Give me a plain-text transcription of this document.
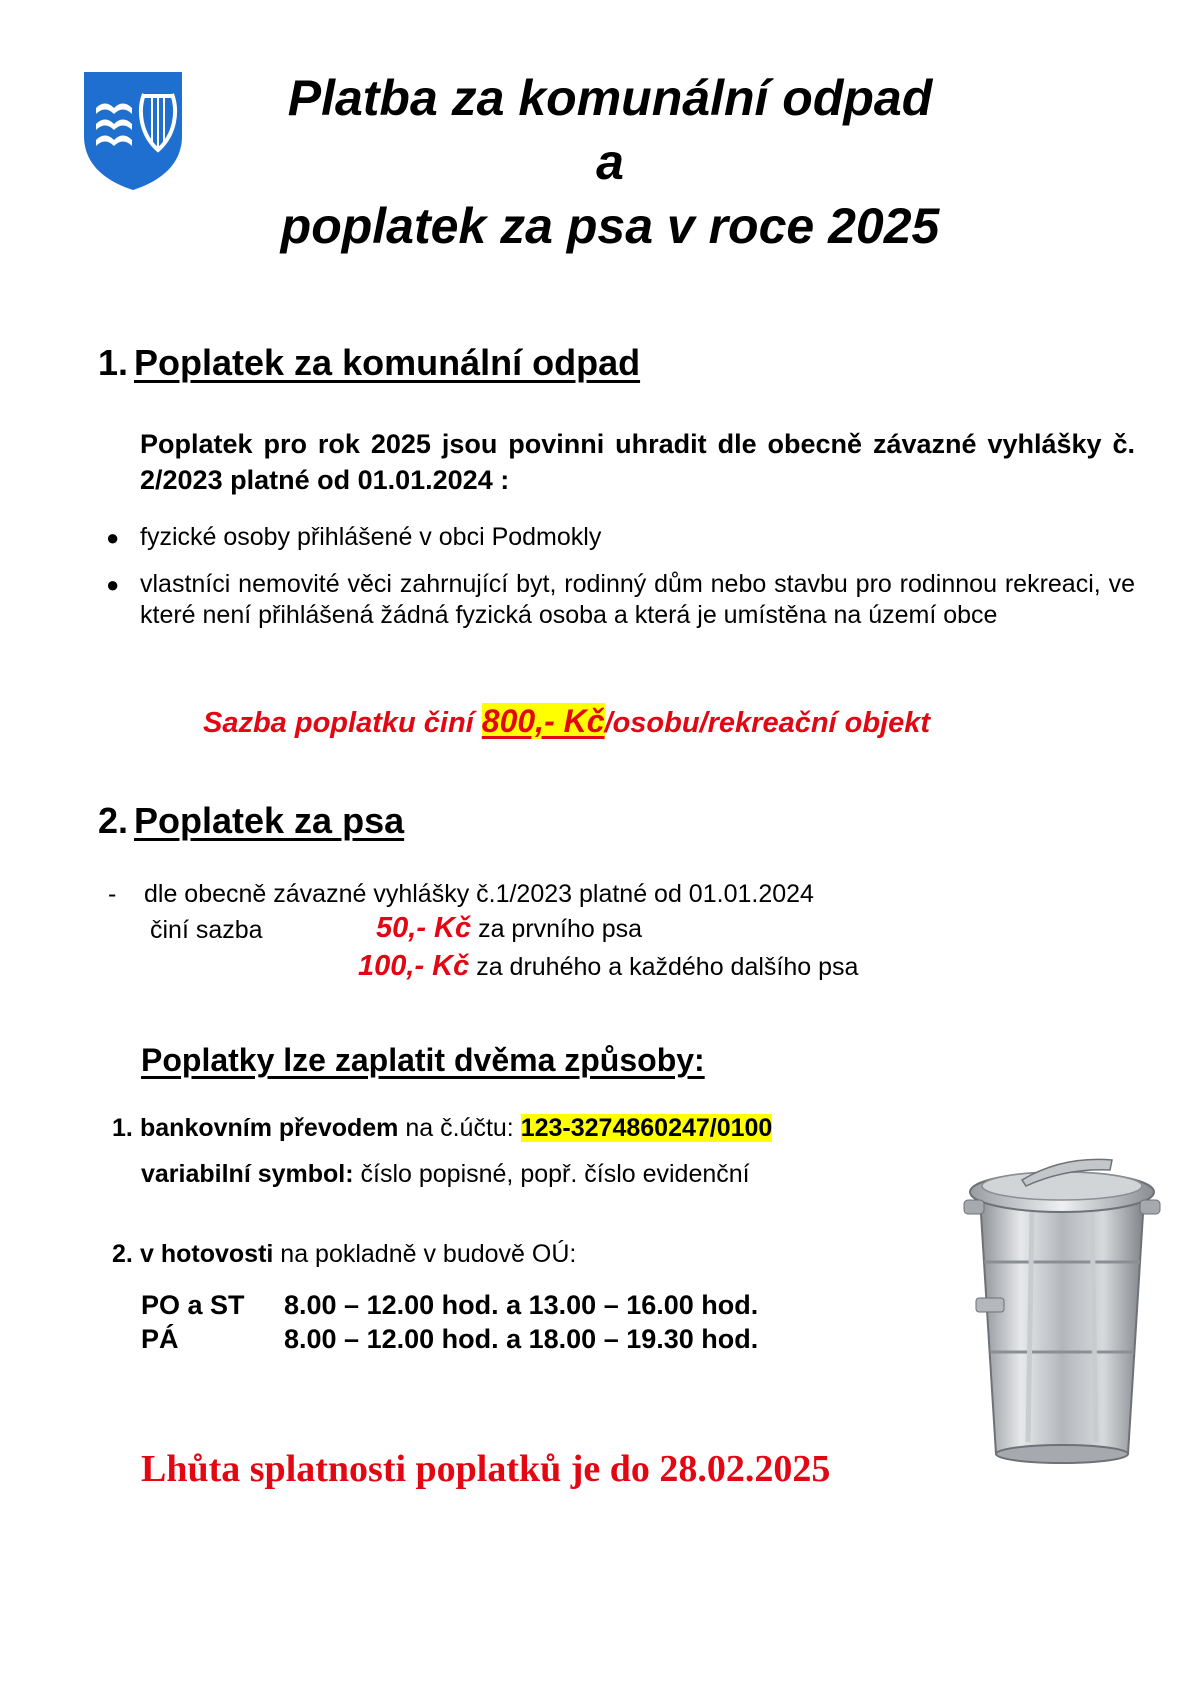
Platba za komunální odpad
a
poplatek za psa v roce 2025
1. Poplatek za komunální odpad
Poplatek pro rok 2025 jsou povinni uhradit dle obecně závazné vyhlášky č. 2/2023 platné od 01.01.2024 :
● fyzické osoby přihlášené v obci Podmokly
● vlastníci nemovité věci zahrnující byt, rodinný dům nebo stavbu pro rodinnou rekreaci, ve které není přihlášená žádná fyzická osoba a která je umístěna na území obce
Sazba poplatku činí 800,- Kč/osobu/rekreační objekt
2. Poplatek za psa
- dle obecně závazné vyhlášky č.1/2023 platné od 01.01.2024
činí sazba	50,- Kč za prvního psa
100,- Kč za druhého a každého dalšího psa
Poplatky lze zaplatit dvěma způsoby:
1. bankovním převodem na č.účtu: 123-3274860247/0100
variabilní symbol: číslo popisné, popř. číslo evidenční
2. v hotovosti na pokladně v budově OÚ:
PO a ST 8.00 – 12.00 hod. a 13.00 – 16.00 hod.
PÁ	8.00 – 12.00 hod. a 18.00 – 19.30 hod.
Lhůta splatnosti poplatků je do 28.02.2025
